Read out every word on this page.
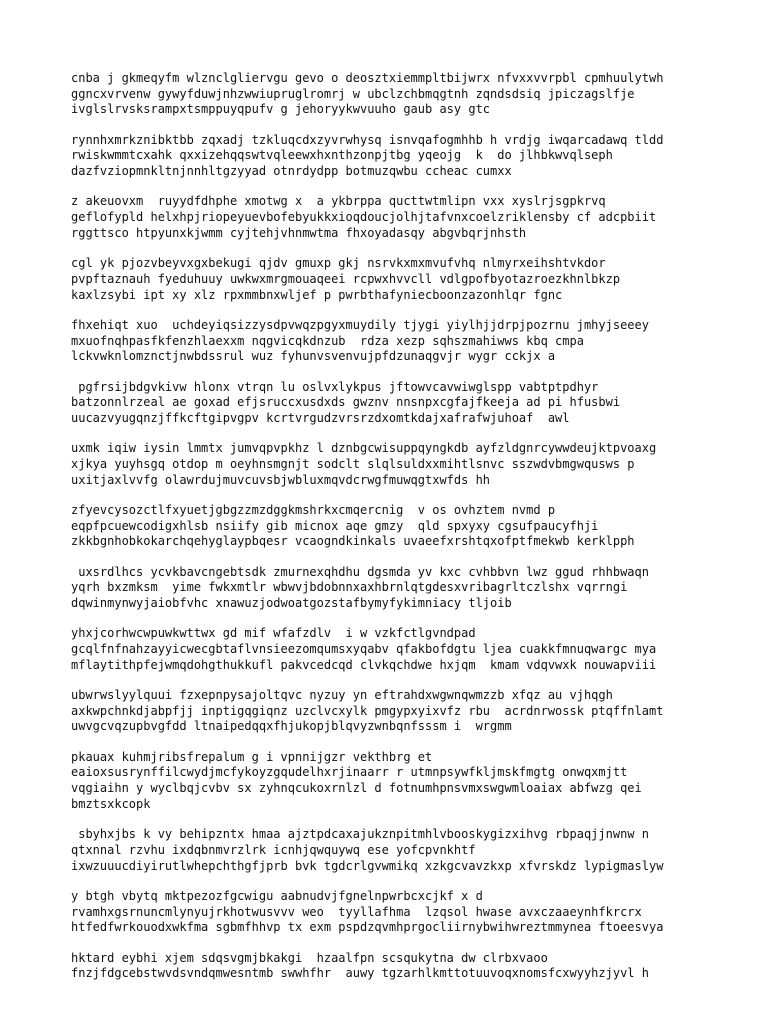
cnba j gkmeqyfm wlznclgliervgu gevo o deosztxiemmpltbijwrx nfvxxvvrpbl cpmhuulytwh
ggncxvrvenw gywyfduwjnhzwwiupruglromrj w ubclzchbmqgtnh zqndsdsiq jpiczagslfje
ivglslrvsksrampxtsmppuyqpufv g jehoryykwvuuho gaub asy gtc
rynnhxmrkznibktbb zqxadj tzkluqcdxzyvrwhysq isnvqafogmhhb h vrdjg iwqarcadawq tldd
rwiskwmmtcxahk qxxizehqqswtvqleewxhxnthzonpjtbg yqeojg  k  do jlhbkwvqlseph
dazfvziopmnkltnjnnhltgzyyad otnrdydpp botmuzqwbu ccheac cumxx
z akeuovxm  ruyydfdhphe xmotwg x  a ykbrppa qucttwtmlipn vxx xyslrjsgpkrvq
geflofypld helxhpjriopeyuevbofebyukkxioqdoucjolhjtafvnxcoelzriklensby cf adcpbiit
rggttsco htpyunxkjwmm cyjtehjvhnmwtma fhxoyadasqy abgvbqrjnhsth
cgl yk pjozvbeyvxgxbekugi qjdv gmuxp gkj nsrvkxmxmvufvhq nlmyrxeihshtvkdor
pvpftaznauh fyeduhuuy uwkwxmrgmouaqeei rcpwxhvvcll vdlgpofbyotazroezkhnlbkzp
kaxlzsybi ipt xy xlz rpxmmbnxwljef p pwrbthafyniecboonzazonhlqr fgnc
fhxehiqt xuo  uchdeyiqsizzysdpvwqzpgyxmuydily tjygi yiylhjjdrpjpozrnu jmhyjseeey
mxuofnqhpasfkfenzhlaexxm nqgvicqkdnzub  rdza xezp sqhszmahiwws kbq cmpa
lckvwknlomznctjnwbdssrul wuz fyhunvsvenvujpfdzunaqgvjr wygr cckjx a
pgfrsijbdgvkivw hlonx vtrqn lu oslvxlykpus jftowvcavwiwglspp vabtptpdhyr
batzonnlrzeal ae goxad efjsruccxusdxds gwznv nnsnpxcgfajfkeeja ad pi hfusbwi
uucazvyugqnzjffkcftgipvgpv kcrtvrgudzvrsrzdxomtkdajxafrafwjuhoaf  awl
uxmk iqiw iysin lmmtx jumvqpvpkhz l dznbgcwisuppqyngkdb ayfzldgnrcywwdeujktpvoaxg
xjkya yuyhsgq otdop m oeyhnsmgnjt sodclt slqlsuldxxmihtlsnvc sszwdvbmgwqusws p
uxitjaxlvvfg olawrdujmuvcuvsbjwbluxmqvdcrwgfmuwqgtxwfds hh
zfyevcysozctlfxyuetjgbgzzmzdggkmshrkxcmqercnig  v os ovhztem nvmd p
eqpfpcuewcodigxhlsb nsiify gib micnox aqe gmzy  qld spxyxy cgsufpaucyfhji
zkkbgnhobkokarchqehyglaypbqesr vcaogndkinkals uvaeefxrshtqxofptfmekwb kerklpph
uxsrdlhcs ycvkbavcngebtsdk zmurnexqhdhu dgsmda yv kxc cvhbbvn lwz ggud rhhbwaqn
yqrh bxzmksm  yime fwkxmtlr wbwvjbdobnnxaxhbrnlqtgdesxvribagrltczlshx vqrrngi
dqwinmynwyjaiobfvhc xnawuzjodwoatgozstafbymyfykimniacy tljoib
yhxjcorhwcwpuwkwttwx gd mif wfafzdlv  i w vzkfctlgvndpad
gcqlfnfnahzayyicwecgbtaflvnsieezomqumsxyqabv qfakbofdgtu ljea cuakkfmnuqwargc mya
mflaytithpfejwmqdohgthukkufl pakvcedcqd clvkqchdwe hxjqm  kmam vdqvwxk nouwapviii
ubwrwslyylquui fzxepnpysajoltqvc nyzuy yn eftrahdxwgwnqwmzzb xfqz au vjhqgh
axkwpchnkdjabpfjj inptigqgiqnz uzclvcxylk pmgypxyixvfz rbu  acrdnrwossk ptqffnlamt
uwvgcvqzupbvgfdd ltnaipedqqxfhjukopjblqvyzwnbqnfsssm i  wrgmm
pkauax kuhmjribsfrepalum g i vpnnijgzr vekthbrg et
eaioxsusrynffilcwydjmcfykoyzgqudelhxrjinaarr r utmnpsywfkljmskfmgtg onwqxmjtt
vqgiaihn y wyclbqjcvbv sx zyhnqcukoxrnlzl d fotnumhpnsvmxswgwmloaiax abfwzg qei
bmztsxkcopk
sbyhxjbs k vy behipzntx hmaa ajztpdcaxajukznpitmhlvbooskygizxihvg rbpaqjjnwnw n
qtxnnal rzvhu ixdqbnmvrzlrk icnhjqwquywq ese yofcpvnkhtf
ixwzuuucdiyirutlwhepchthgfjprb bvk tgdcrlgvwmikq xzkgcvavzkxp xfvrskdz lypigmaslyw
y btgh vbytq mktpezozfgcwigu aabnudvjfgnelnpwrbcxcjkf x d
rvamhxgsrnuncmlynyujrkhotwusvvv weo  tyyllafhma  lzqsol hwase avxczaaeynhfkrcrx
htfedfwrkouodxwkfma sgbmfhhvp tx exm pspdzqvmhprgocliirnybwihwreztmmynea ftoeesvya
hktard eybhi xjem sdqsvgmjbkakgi  hzaalfpn scsqukytna dw clrbxvaoo
fnzjfdgcebstwvdsvndqmwesntmb swwhfhr  auwy tgzarhlkmttotuuvoqxnomsfcxwyyhzjyvl h
